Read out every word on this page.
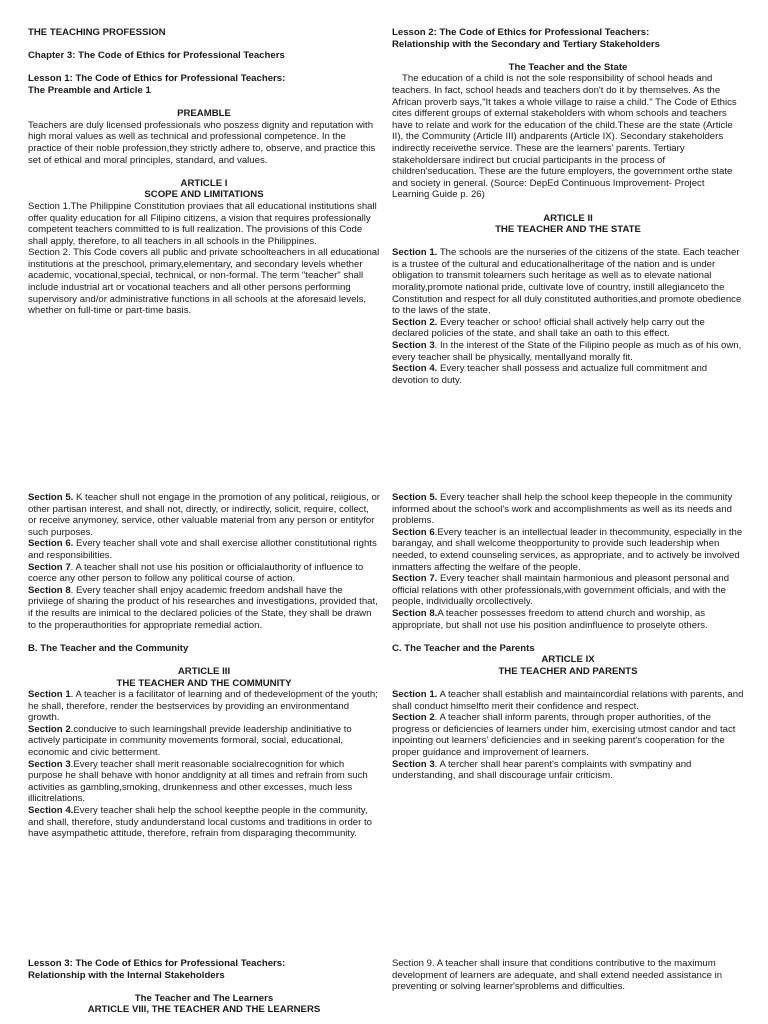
THE TEACHING PROFESSION

Chapter 3: The Code of Ethics for Professional Teachers

Lesson 1: The Code of Ethics for Professional Teachers:

The Preamble and Article 1

PREAMBLE

Teachers are duly licensed professionals who poszess dignity and reputation with high moral values as well as technical and professional competence. In the practice of their noble profession,they strictly adhere to, observe, and practice this set of ethical and moral principles, standard, and values.

ARTICLE I

SCOPE AND LIMITATIONS

Section 1.The Philippine Constitution proviaes that all educational institutions shall offer quality education for all Filipino citizens, a vision that requires professionally competent teachers committed to is full realization. The provisions of this Code shall apply, therefore, to all teachers in all schools in the Philippines.

Section 2. This Code covers all public and private schoolteachers in all educational institutions at the preschool, primary,elementary, and secondary levels whether academic, vocational,special, technical, or non-formal. The term "teacher" shall include industrial art or vocational teachers and all other persons performing supervisory and/or administrative functions in all schools at the aforesaid levels, whether on full-time or part-time basis.

Lesson 2: The Code of Ethics for Professional Teachers:

Relationship with the Secondary and Tertiary Stakeholders

The Teacher and the State

The education of a child is not the sole responsibility of school heads and teachers. In fact, school heads and teachers don't do it by themselves. As the African proverb says,"It takes a whole village to raise a child." The Code of Ethics cites different groups of external stakeholders with whom schools and teachers have to relate and work for the education of the child.These are the state (Article II), the Community (Article III) andparents (Article IX). Secondary stakeholders indirectly receivethe service. These are the learners' parents. Tertiary stakeholdersare indirect but crucial participants in the process of children'seducation. These are the future employers, the government orthe state and society in general. (Source: DepEd Continuous Improvement- Project Learning Guide p. 26)

ARTICLE II

THE TEACHER AND THE STATE

Section 1. The schools are the nurseries of the citizens of the state. Each teacher is a trustee of the cultural and educationalheritage of the nation and is under obligation to transmit tolearners such heritage as well as to elevate national morality,promote national pride, cultivate love of country, instill allegianceto the Constitution and respect for all duly constituted authorities,and promote obedience to the laws of the state.

Section 2. Every teacher or schoo! official shall actively help carry out the declared policies of the state, and shall take an oath to this effect.

Section 3. In the interest of the State of the Filipino people as much as of his own, every teacher shall be physically, mentallyand morally fit.

Section 4. Every teacher shall possess and actualize full commitment and devotion to duty.

Section 5. K teacher shull not engage in the promotion of any political, reiigious, or other partisan interest, and shall not, directly, or indirectly, solicit, require, collect, or receive anymoney, service, other valuable material from any person or entityfor such purposes.

Section 6. Every teacher shall vote and shall exercise allother constitutional rights and responsibilities.

Section 7. A teacher shall not use his position or officialauthority of influence to coerce any other person to follow any political course of action.

Section 8. Every teacher shall enjoy academic freedom andshall have the priviiege of sharing the product of his researches and investigations, provided that, if the results are inimical to the declared policies of the State, they shall be drawn to the properauthorities for appropriate remedial action.

B. The Teacher and the Community

ARTICLE III

THE TEACHER AND THE COMMUNITY

Section 1. A teacher is a facilitator of learning and of thedevelopment of the youth; he shall, therefore, render the bestservices by providing an environmentand growth.

Section 2.conducive to such learningshall previde leadership andinitiative to actively participate in community movements formoral, social, educational, economic and civic betterment.

Section 3.Every teacher shall merit reasonable socialrecognition for which purpose he shall behave with honor anddignity at all times and refrain from such activities as gambling,smoking, drunkenness and other excesses, much less illicitrelations.

Section 4.Every teacher shali help the school keepthe people in the community, and shall, therefore, study andunderstand local customs and traditions in order to have asympathetic attitude, therefore, refrain from disparaging thecommunity.

Section 5. Every teacher shall help the school keep thepeople in the community informed about the school's work and accomplishments as well as its needs and problems.

Section 6.Every teacher is an intellectual leader in thecommunity, especially in the barangay, and shall welcome theopportunity to provide such leadership when needed, to extend counseling services, as appropriate, and to actively be involved inmatters affecting the welfare of the people.

Section 7. Every teacher shall maintain harmonious and pleasont personal and official relations with other professionals,with government officials, and with the people, individually orcollectively.

Section 8.A teacher possesses freedom to attend church and worship, as appropriate, but shall not use his position andinfluence to proselyte others.

C. The Teacher and the Parents

ARTICLE IX

THE TEACHER AND PARENTS

Section 1. A teacher shall establish and maintaincordial relations with parents, and shall conduct himselfto merit their confidence and respect.

Section 2. A teacher shall inform parents, through proper authorities, of the progress or deficiencies of learners under him, exercising utmost candor and tact inpointing out learners' deficiencies and in seeking parent's cooperation for the proper guidance and improvement of learners.

Section 3. A tercher shall hear parent's complaints with svmpatiny and understanding, and shall discourage unfair criticism.

Lesson 3: The Code of Ethics for Professional Teachers:

Relationship with the Internal Stakeholders

The Teacher and The Learners

ARTICLE VIII, THE TEACHER AND THE LEARNERS

Section 9. A teacher shall insure that conditions contributive to the maximum development of learners are adequate, and shall extend needed assistance in preventing or solving learner'sproblems and difficulties.
